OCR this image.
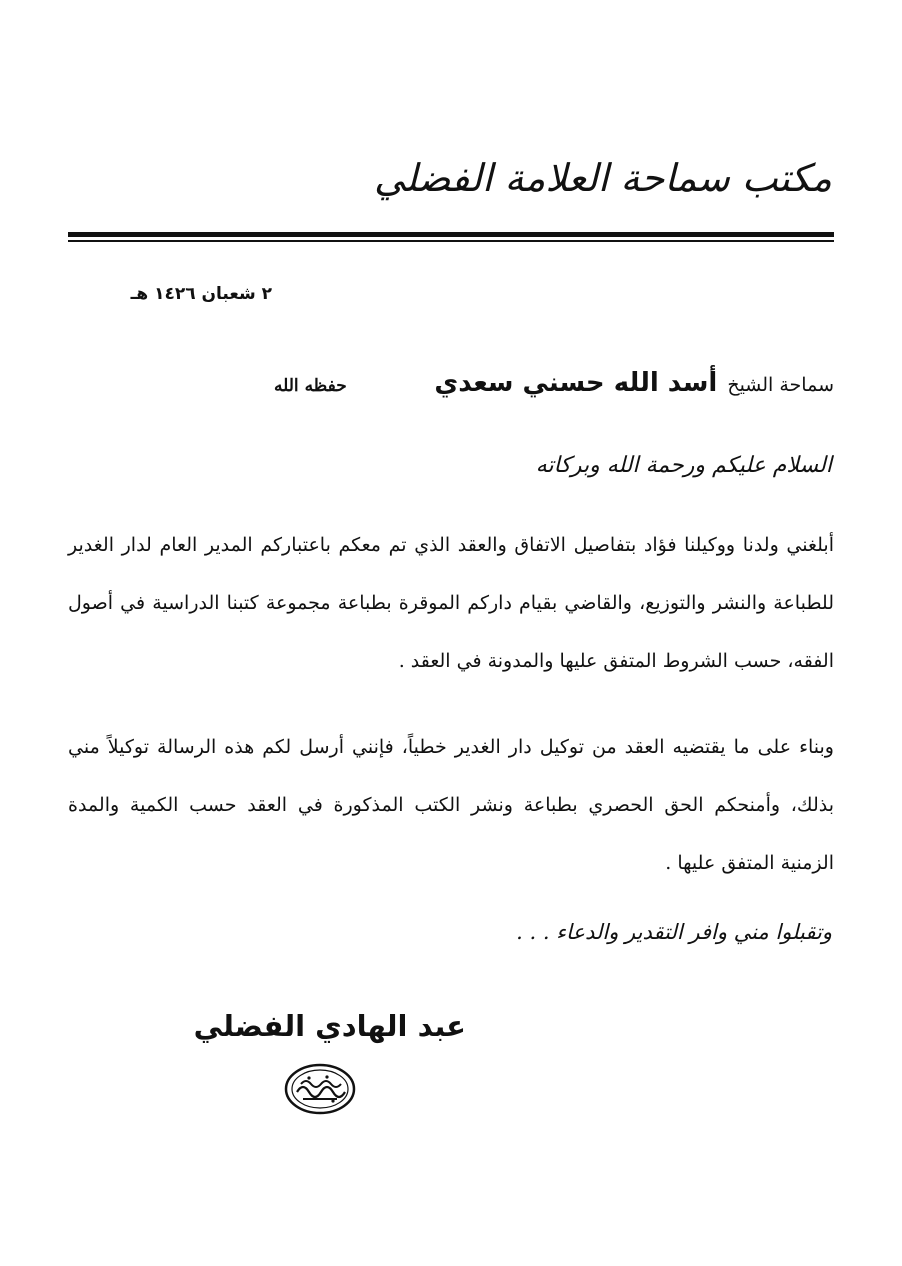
مكتب سماحة العلامة الفضلي
٢ شعبان ١٤٢٦ هـ
سماحة الشيخ
أسد الله حسني سعدي
حفظه الله
السلام عليكم ورحمة الله وبركاته
أبلغني ولدنا ووكيلنا فؤاد بتفاصيل الاتفاق والعقد الذي تم معكم باعتباركم المدير العام لدار الغدير للطباعة والنشر والتوزيع، والقاضي بقيام داركم الموقرة بطباعة مجموعة كتبنا الدراسية في أصول الفقه، حسب الشروط المتفق عليها والمدونة في العقد .
وبناء على ما يقتضيه العقد من توكيل دار الغدير خطياً، فإنني أرسل لكم هذه الرسالة توكيلاً مني بذلك، وأمنحكم الحق الحصري بطباعة ونشر الكتب المذكورة في العقد حسب الكمية والمدة الزمنية المتفق عليها .
وتقبلوا مني وافر التقدير والدعاء . . .
عبد الهادي الفضلي
